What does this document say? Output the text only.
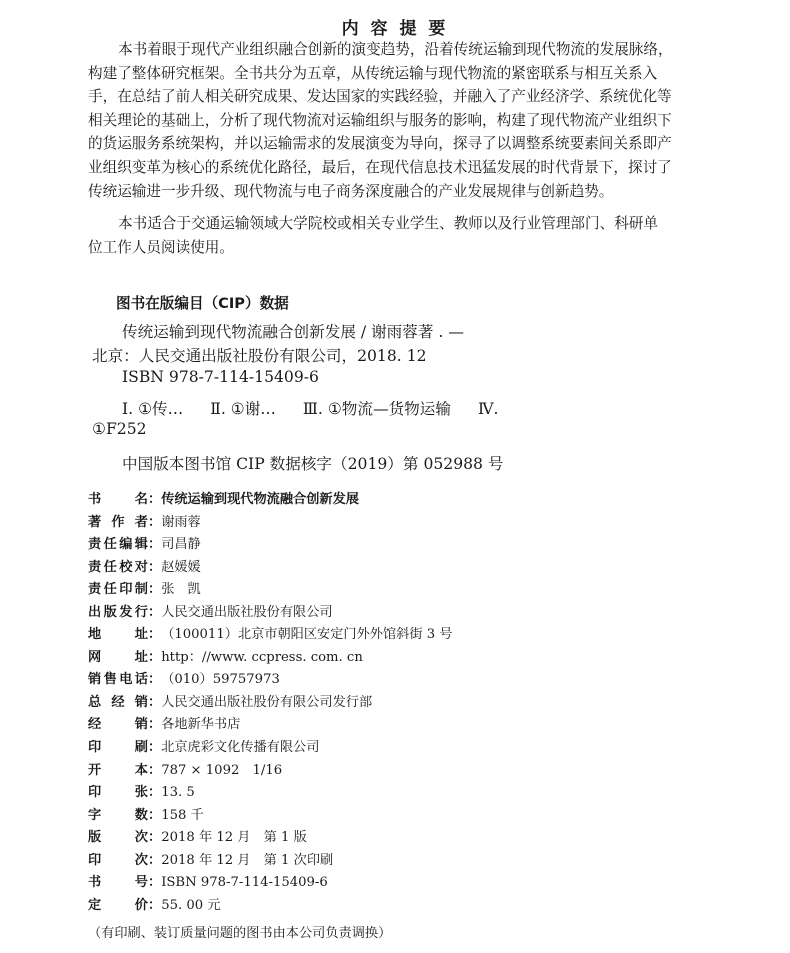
内 容 提 要
本书着眼于现代产业组织融合创新的演变趋势，沿着传统运输到现代物流的发展脉络，
构建了整体研究框架。全书共分为五章，从传统运输与现代物流的紧密联系与相互关系入
手，在总结了前人相关研究成果、发达国家的实践经验，并融入了产业经济学、系统优化等
相关理论的基础上，分析了现代物流对运输组织与服务的影响，构建了现代物流产业组织下
的货运服务系统架构，并以运输需求的发展演变为导向，探寻了以调整系统要素间关系即产
业组织变革为核心的系统优化路径，最后，在现代信息技术迅猛发展的时代背景下，探讨了
传统运输进一步升级、现代物流与电子商务深度融合的产业发展规律与创新趋势。
本书适合于交通运输领域大学院校或相关专业学生、教师以及行业管理部门、科研单
位工作人员阅读使用。
图书在版编目（CIP）数据
传统运输到现代物流融合创新发展 / 谢雨蓉著 . —
北京：人民交通出版社股份有限公司，2018. 12
ISBN 978-7-114-15409-6
Ⅰ. ①传… Ⅱ. ①谢… Ⅲ. ①物流—货物运输 Ⅳ.
①F252
中国版本图书馆 CIP 数据核字（2019）第 052988 号
书名 ： 传统运输到现代物流融合创新发展
著作者 ： 谢雨蓉
责任编辑 ： 司昌静
责任校对 ： 赵媛媛
责任印制 ： 张　凯
出版发行 ： 人民交通出版社股份有限公司
地址 ： （100011）北京市朝阳区安定门外外馆斜街 3 号
网址 ： http：//www. ccpress. com. cn
销售电话 ： （010）59757973
总经销 ： 人民交通出版社股份有限公司发行部
经销 ： 各地新华书店
印刷 ： 北京虎彩文化传播有限公司
开本 ： 787 × 1092　1/16
印张 ： 13. 5
字数 ： 158 千
版次 ： 2018 年 12 月　第 1 版
印次 ： 2018 年 12 月　第 1 次印刷
书号 ： ISBN 978-7-114-15409-6
定价 ： 55. 00 元
（有印刷、装订质量问题的图书由本公司负责调换）
